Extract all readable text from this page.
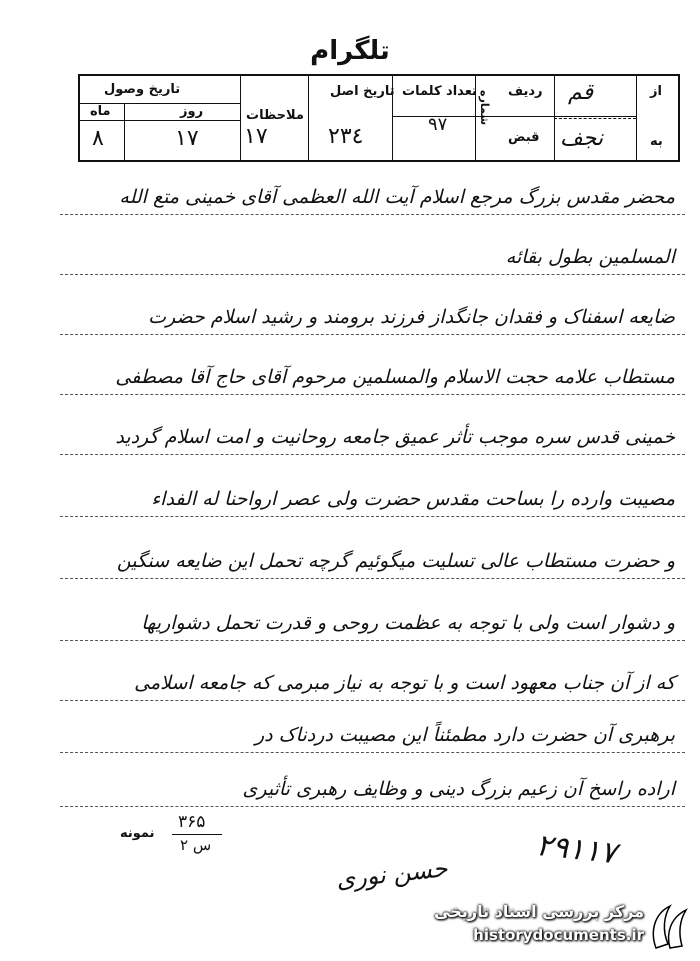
تلگرام
از
به
شماره ردیف
قبض
تعداد کلمات
تاریخ اصل
ملاحظات
تاریخ وصول
روز
ماه
قم
نجف
۹۷
۲۳٤
۱۷
۱۷
۸
محضر مقدس بزرگ مرجع اسلام آیت الله العظمی آقای خمینی متع الله
المسلمین بطول بقائه
ضایعه اسفناک و فقدان جانگداز فرزند برومند و رشید اسلام حضرت
مستطاب علامه حجت الاسلام والمسلمین مرحوم آقای حاج آقا مصطفی
خمینی قدس سره موجب تأثر عمیق جامعه روحانیت و امت اسلام گردید
مصیبت وارده را بساحت مقدس حضرت ولی عصر ارواحنا له الفداء
و حضرت مستطاب عالی تسلیت میگوئیم گرچه تحمل این ضایعه سنگین
و دشوار است ولی با توجه به عظمت روحی و قدرت تحمل دشواریها
که از آن جناب معهود است و با توجه به نیاز مبرمی که جامعه اسلامی
برهبری آن حضرت دارد مطمئناً این مصیبت دردناک در
اراده راسخ آن زعیم بزرگ دینی و وظایف رهبری تأثیری
نمونه
۳۶۵
س ۲	۲۹۱۱۷
حسن نوری
مرکز بررسی اسناد تاریخی
historydocuments.ir
